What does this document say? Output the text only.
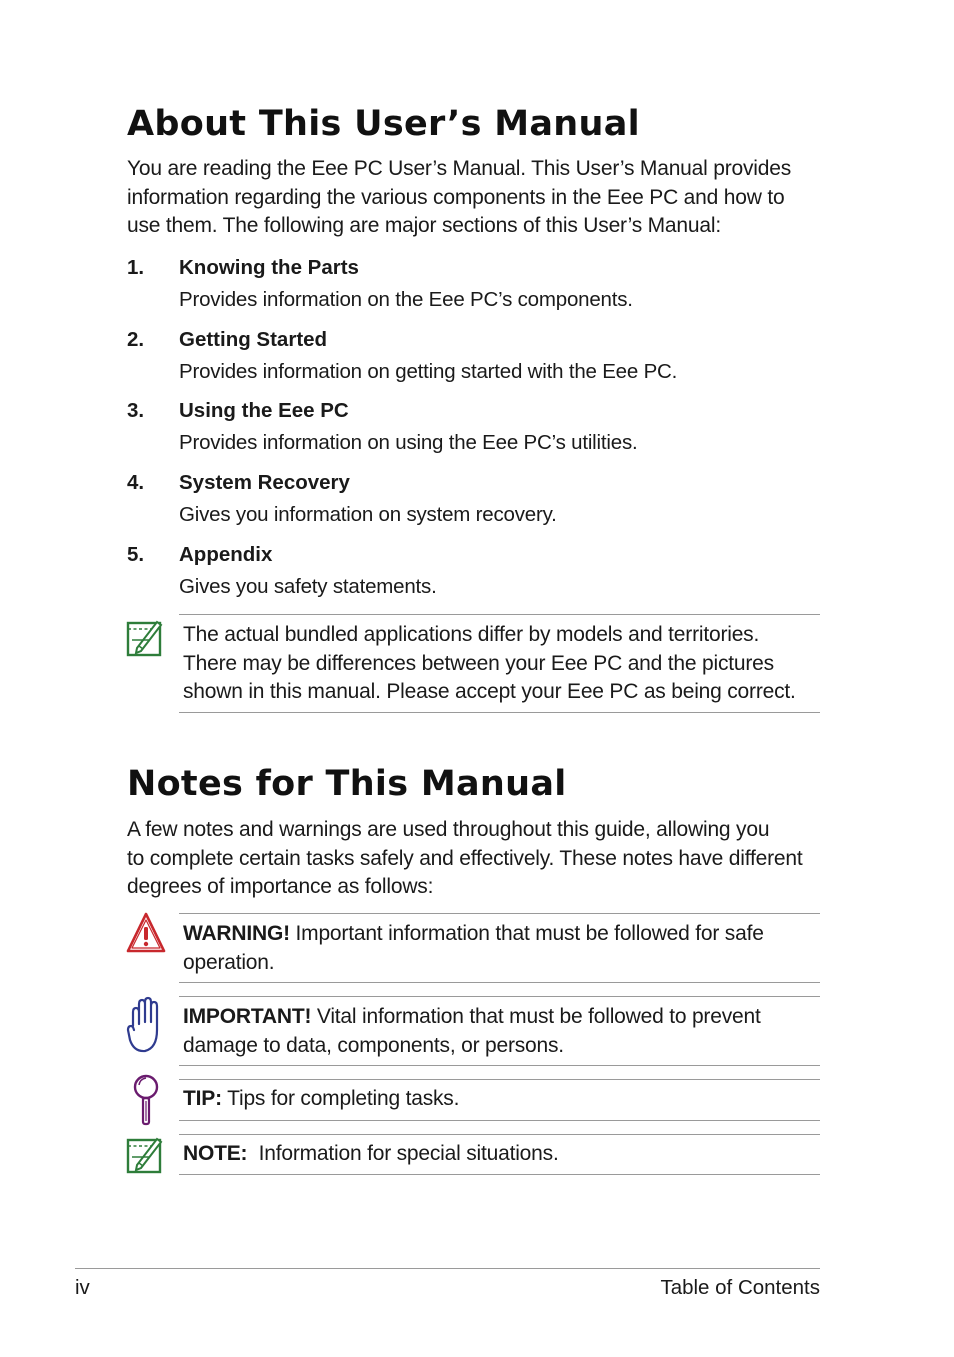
About This User’s Manual
You are reading the Eee PC User’s Manual. This User’s Manual provides
information regarding the various components in the Eee PC and how to
use them. The following are major sections of this User’s Manual:
1. Knowing the Parts
Provides information on the Eee PC’s components.
2. Getting Started
Provides information on getting started with the Eee PC.
3. Using the Eee PC
Provides information on using the Eee PC’s utilities.
4. System Recovery
Gives you information on system recovery.
5. Appendix
Gives you safety statements.
The actual bundled applications differ by models and territories.
There may be differences between your Eee PC and the pictures
shown in this manual. Please accept your Eee PC as being correct.
Notes for This Manual
A few notes and warnings are used throughout this guide, allowing you
to complete certain tasks safely and effectively. These notes have different
degrees of importance as follows:
WARNING! Important information that must be followed for safe
operation.
IMPORTANT! Vital information that must be followed to prevent
damage to data, components, or persons.
TIP: Tips for completing tasks.
NOTE:  Information for special situations.
iv	Table of Contents
